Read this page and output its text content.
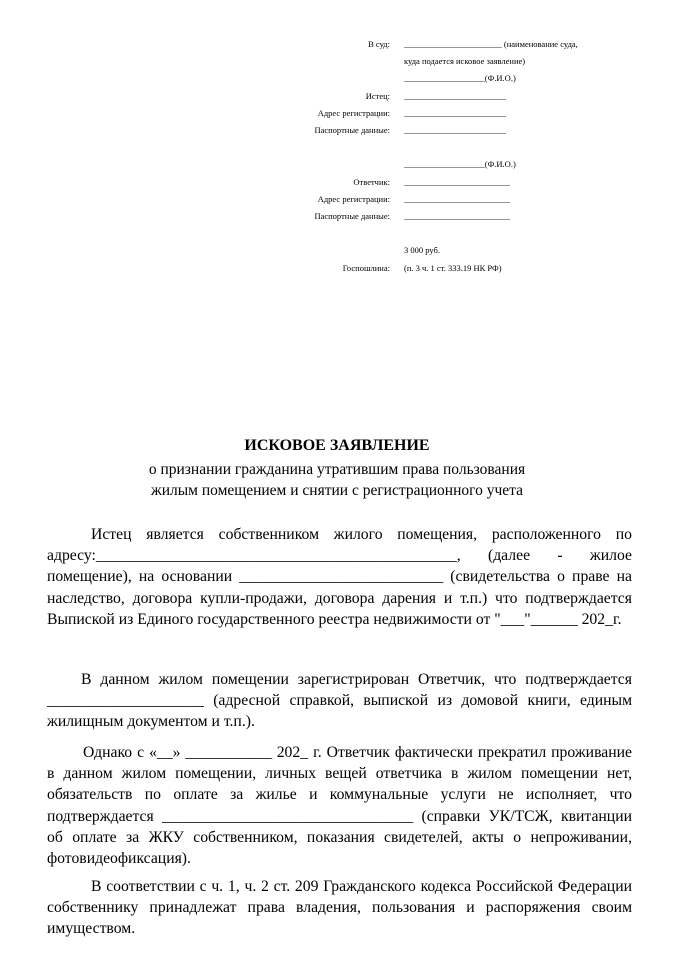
В суд: _______________________ (наименование суда,
куда подается исковое заявление)
___________________(Ф.И.О.)
Истец: ________________________
Адрес регистрации: ________________________
Паспортные данные: ________________________
___________________(Ф.И.О.)
Ответчик: _________________________
Адрес регистрации: _________________________
Паспортные данные: _________________________
3 000 руб.
Госпошлина: (п. 3 ч. 1 ст. 333.19 НК РФ)
ИСКОВОЕ ЗАЯВЛЕНИЕ
о признании гражданина утратившим права пользования
жилым помещением и снятии с регистрационного учета

Истец является собственником жилого помещения, расположенного по адресу:______________________________________________, (далее - жилое помещение), на основании __________________________ (свидетельства о праве на наследство, договора купли-продажи, договора дарения и т.п.) что подтверждается Выпиской из Единого государственного реестра недвижимости от "___"______ 202_г.

В данном жилом помещении зарегистрирован Ответчик, что подтверждается ____________________ (адресной справкой, выпиской из домовой книги, единым жилищным документом и т.п.).

Однако с «__» ___________ 202_ г. Ответчик фактически прекратил проживание в данном жилом помещении, личных вещей ответчика в жилом помещении нет, обязательств по оплате за жилье и коммунальные услуги не исполняет, что подтверждается ________________________________ (справки УК/ТСЖ, квитанции об оплате за ЖКУ собственником, показания свидетелей, акты о непроживании, фотовидеофиксация).

В соответствии с ч. 1, ч. 2 ст. 209 Гражданского кодекса Российской Федерации собственнику принадлежат права владения, пользования и распоряжения своим имуществом.
